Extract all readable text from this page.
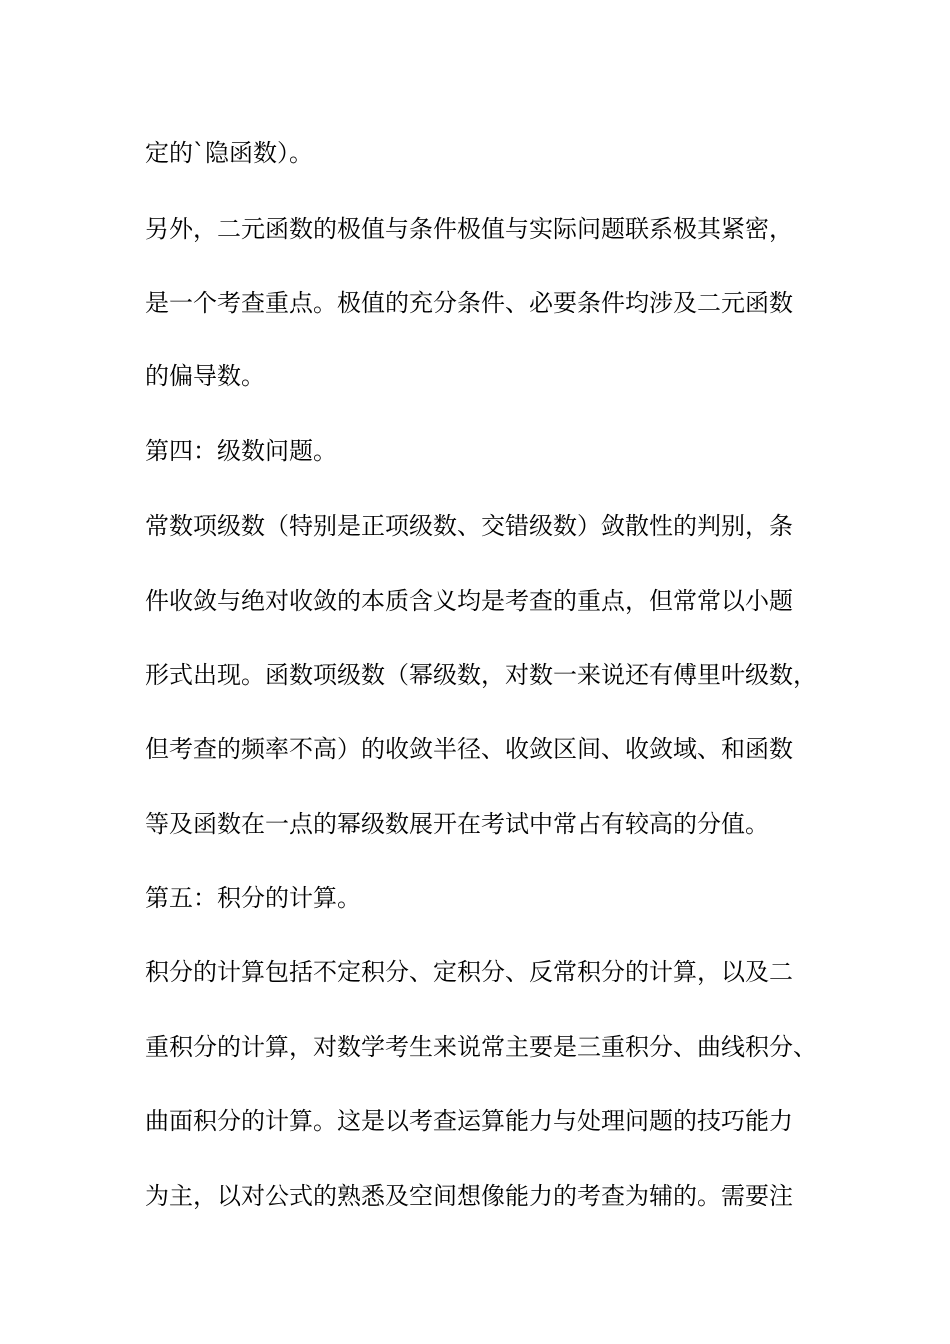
定的`隐函数）。

另外，二元函数的极值与条件极值与实际问题联系极其紧密，

是一个考查重点。极值的充分条件、必要条件均涉及二元函数

的偏导数。

第四：级数问题。

常数项级数（特别是正项级数、交错级数）敛散性的判别，条

件收敛与绝对收敛的本质含义均是考查的重点，但常常以小题

形式出现。函数项级数（幂级数，对数一来说还有傅里叶级数，

但考查的频率不高）的收敛半径、收敛区间、收敛域、和函数

等及函数在一点的幂级数展开在考试中常占有较高的分值。

第五：积分的计算。

积分的计算包括不定积分、定积分、反常积分的计算，以及二

重积分的计算，对数学考生来说常主要是三重积分、曲线积分、

曲面积分的计算。这是以考查运算能力与处理问题的技巧能力

为主，以对公式的熟悉及空间想像能力的考查为辅的。需要注
